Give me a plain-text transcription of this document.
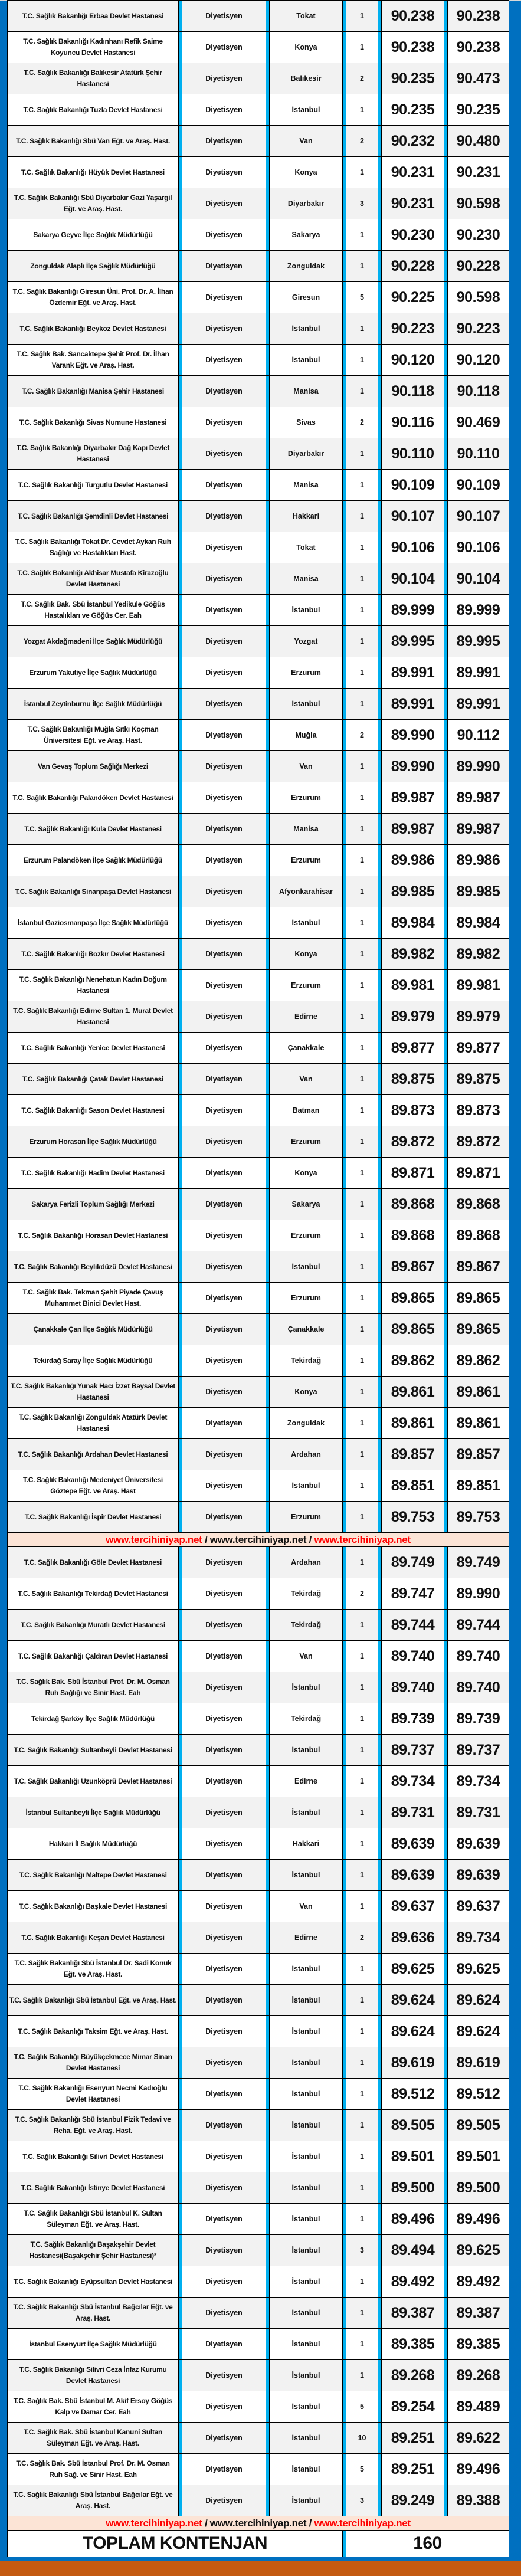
T.C. Sağlık Bakanlığı Erbaa Devlet Hastanesi		Diyetisyen		Tokat		1		90.238		90.238
T.C. Sağlık Bakanlığı Kadınhanı Refik Saime Koyuncu Devlet Hastanesi		Diyetisyen		Konya		1		90.238		90.238
T.C. Sağlık Bakanlığı Balıkesir Atatürk Şehir Hastanesi		Diyetisyen		Balıkesir		2		90.235		90.473
T.C. Sağlık Bakanlığı Tuzla Devlet Hastanesi		Diyetisyen		İstanbul		1		90.235		90.235
T.C. Sağlık Bakanlığı Sbü Van Eğt. ve Araş. Hast.		Diyetisyen		Van		2		90.232		90.480
T.C. Sağlık Bakanlığı Hüyük Devlet Hastanesi		Diyetisyen		Konya		1		90.231		90.231
T.C. Sağlık Bakanlığı Sbü Diyarbakır Gazi Yaşargil Eğt. ve Araş. Hast.		Diyetisyen		Diyarbakır		3		90.231		90.598
Sakarya Geyve İlçe Sağlık Müdürlüğü		Diyetisyen		Sakarya		1		90.230		90.230
Zonguldak Alaplı İlçe Sağlık Müdürlüğü		Diyetisyen		Zonguldak		1		90.228		90.228
T.C. Sağlık Bakanlığı Giresun Üni. Prof. Dr. A. İlhan Özdemir Eğt. ve Araş. Hast.		Diyetisyen		Giresun		5		90.225		90.598
T.C. Sağlık Bakanlığı Beykoz Devlet Hastanesi		Diyetisyen		İstanbul		1		90.223		90.223
T.C. Sağlık Bak. Sancaktepe Şehit Prof. Dr. İlhan Varank Eğt. ve Araş. Hast.		Diyetisyen		İstanbul		1		90.120		90.120
T.C. Sağlık Bakanlığı Manisa Şehir Hastanesi		Diyetisyen		Manisa		1		90.118		90.118
T.C. Sağlık Bakanlığı Sivas Numune Hastanesi		Diyetisyen		Sivas		2		90.116		90.469
T.C. Sağlık Bakanlığı Diyarbakır Dağ Kapı Devlet Hastanesi		Diyetisyen		Diyarbakır		1		90.110		90.110
T.C. Sağlık Bakanlığı Turgutlu Devlet Hastanesi		Diyetisyen		Manisa		1		90.109		90.109
T.C. Sağlık Bakanlığı Şemdinli Devlet Hastanesi		Diyetisyen		Hakkari		1		90.107		90.107
T.C. Sağlık Bakanlığı Tokat Dr. Cevdet Aykan Ruh Sağlığı ve Hastalıkları Hast.		Diyetisyen		Tokat		1		90.106		90.106
T.C. Sağlık Bakanlığı Akhisar Mustafa Kirazoğlu Devlet Hastanesi		Diyetisyen		Manisa		1		90.104		90.104
T.C. Sağlık Bak. Sbü İstanbul Yedikule Göğüs Hastalıkları ve Göğüs Cer. Eah		Diyetisyen		İstanbul		1		89.999		89.999
Yozgat Akdağmadeni İlçe Sağlık Müdürlüğü		Diyetisyen		Yozgat		1		89.995		89.995
Erzurum Yakutiye İlçe Sağlık Müdürlüğü		Diyetisyen		Erzurum		1		89.991		89.991
İstanbul Zeytinburnu İlçe Sağlık Müdürlüğü		Diyetisyen		İstanbul		1		89.991		89.991
T.C. Sağlık Bakanlığı Muğla Sıtkı Koçman Üniversitesi Eğt. ve Araş. Hast.		Diyetisyen		Muğla		2		89.990		90.112
Van Gevaş Toplum Sağlığı Merkezi		Diyetisyen		Van		1		89.990		89.990
T.C. Sağlık Bakanlığı Palandöken Devlet Hastanesi		Diyetisyen		Erzurum		1		89.987		89.987
T.C. Sağlık Bakanlığı Kula Devlet Hastanesi		Diyetisyen		Manisa		1		89.987		89.987
Erzurum Palandöken İlçe Sağlık Müdürlüğü		Diyetisyen		Erzurum		1		89.986		89.986
T.C. Sağlık Bakanlığı Sinanpaşa Devlet Hastanesi		Diyetisyen		Afyonkarahisar		1		89.985		89.985
İstanbul Gaziosmanpaşa İlçe Sağlık Müdürlüğü		Diyetisyen		İstanbul		1		89.984		89.984
T.C. Sağlık Bakanlığı Bozkır Devlet Hastanesi		Diyetisyen		Konya		1		89.982		89.982
T.C. Sağlık Bakanlığı Nenehatun Kadın Doğum Hastanesi		Diyetisyen		Erzurum		1		89.981		89.981
T.C. Sağlık Bakanlığı Edirne Sultan 1. Murat Devlet Hastanesi		Diyetisyen		Edirne		1		89.979		89.979
T.C. Sağlık Bakanlığı Yenice Devlet Hastanesi		Diyetisyen		Çanakkale		1		89.877		89.877
T.C. Sağlık Bakanlığı Çatak Devlet Hastanesi		Diyetisyen		Van		1		89.875		89.875
T.C. Sağlık Bakanlığı Sason Devlet Hastanesi		Diyetisyen		Batman		1		89.873		89.873
Erzurum Horasan İlçe Sağlık Müdürlüğü		Diyetisyen		Erzurum		1		89.872		89.872
T.C. Sağlık Bakanlığı Hadim Devlet Hastanesi		Diyetisyen		Konya		1		89.871		89.871
Sakarya Ferizli Toplum Sağlığı Merkezi		Diyetisyen		Sakarya		1		89.868		89.868
T.C. Sağlık Bakanlığı Horasan Devlet Hastanesi		Diyetisyen		Erzurum		1		89.868		89.868
T.C. Sağlık Bakanlığı Beylikdüzü Devlet Hastanesi		Diyetisyen		İstanbul		1		89.867		89.867
T.C. Sağlık Bak. Tekman Şehit Piyade Çavuş Muhammet Binici Devlet Hast.		Diyetisyen		Erzurum		1		89.865		89.865
Çanakkale Çan İlçe Sağlık Müdürlüğü		Diyetisyen		Çanakkale		1		89.865		89.865
Tekirdağ Saray İlçe Sağlık Müdürlüğü		Diyetisyen		Tekirdağ		1		89.862		89.862
T.C. Sağlık Bakanlığı Yunak Hacı İzzet Baysal Devlet Hastanesi		Diyetisyen		Konya		1		89.861		89.861
T.C. Sağlık Bakanlığı Zonguldak Atatürk Devlet Hastanesi		Diyetisyen		Zonguldak		1		89.861		89.861
T.C. Sağlık Bakanlığı Ardahan Devlet Hastanesi		Diyetisyen		Ardahan		1		89.857		89.857
T.C. Sağlık Bakanlığı Medeniyet Üniversitesi Göztepe Eğt. ve Araş. Hast		Diyetisyen		İstanbul		1		89.851		89.851
T.C. Sağlık Bakanlığı İspir Devlet Hastanesi		Diyetisyen		Erzurum		1		89.753		89.753
www.tercihiniyap.net / www.tercihiniyap.net / www.tercihiniyap.net										
T.C. Sağlık Bakanlığı Göle Devlet Hastanesi		Diyetisyen		Ardahan		1		89.749		89.749
T.C. Sağlık Bakanlığı Tekirdağ Devlet Hastanesi		Diyetisyen		Tekirdağ		2		89.747		89.990
T.C. Sağlık Bakanlığı Muratlı Devlet Hastanesi		Diyetisyen		Tekirdağ		1		89.744		89.744
T.C. Sağlık Bakanlığı Çaldıran Devlet Hastanesi		Diyetisyen		Van		1		89.740		89.740
T.C. Sağlık Bak. Sbü İstanbul Prof. Dr. M. Osman Ruh Sağlığı ve Sinir Hast. Eah		Diyetisyen		İstanbul		1		89.740		89.740
Tekirdağ Şarköy İlçe Sağlık Müdürlüğü		Diyetisyen		Tekirdağ		1		89.739		89.739
T.C. Sağlık Bakanlığı Sultanbeyli Devlet Hastanesi		Diyetisyen		İstanbul		1		89.737		89.737
T.C. Sağlık Bakanlığı Uzunköprü Devlet Hastanesi		Diyetisyen		Edirne		1		89.734		89.734
İstanbul Sultanbeyli İlçe Sağlık Müdürlüğü		Diyetisyen		İstanbul		1		89.731		89.731
Hakkari İl Sağlık Müdürlüğü		Diyetisyen		Hakkari		1		89.639		89.639
T.C. Sağlık Bakanlığı Maltepe Devlet Hastanesi		Diyetisyen		İstanbul		1		89.639		89.639
T.C. Sağlık Bakanlığı Başkale Devlet Hastanesi		Diyetisyen		Van		1		89.637		89.637
T.C. Sağlık Bakanlığı Keşan Devlet Hastanesi		Diyetisyen		Edirne		2		89.636		89.734
T.C. Sağlık Bakanlığı Sbü İstanbul Dr. Sadi Konuk Eğt. ve Araş. Hast.		Diyetisyen		İstanbul		1		89.625		89.625
T.C. Sağlık Bakanlığı Sbü İstanbul Eğt. ve Araş. Hast.		Diyetisyen		İstanbul		1		89.624		89.624
T.C. Sağlık Bakanlığı Taksim Eğt. ve Araş. Hast.		Diyetisyen		İstanbul		1		89.624		89.624
T.C. Sağlık Bakanlığı Büyükçekmece Mimar Sinan Devlet Hastanesi		Diyetisyen		İstanbul		1		89.619		89.619
T.C. Sağlık Bakanlığı Esenyurt Necmi Kadıoğlu Devlet Hastanesi		Diyetisyen		İstanbul		1		89.512		89.512
T.C. Sağlık Bakanlığı Sbü İstanbul Fizik Tedavi ve Reha. Eğt. ve Araş. Hast.		Diyetisyen		İstanbul		1		89.505		89.505
T.C. Sağlık Bakanlığı Silivri Devlet Hastanesi		Diyetisyen		İstanbul		1		89.501		89.501
T.C. Sağlık Bakanlığı İstinye Devlet Hastanesi		Diyetisyen		İstanbul		1		89.500		89.500
T.C. Sağlık Bakanlığı Sbü İstanbul K. Sultan Süleyman Eğt. ve Araş. Hast.		Diyetisyen		İstanbul		1		89.496		89.496
T.C. Sağlık Bakanlığı Başakşehir Devlet Hastanesi(Başakşehir Şehir Hastanesi)*		Diyetisyen		İstanbul		3		89.494		89.625
T.C. Sağlık Bakanlığı Eyüpsultan Devlet Hastanesi		Diyetisyen		İstanbul		1		89.492		89.492
T.C. Sağlık Bakanlığı Sbü İstanbul Bağcılar Eğt. ve Araş. Hast.		Diyetisyen		İstanbul		1		89.387		89.387
İstanbul Esenyurt İlçe Sağlık Müdürlüğü		Diyetisyen		İstanbul		1		89.385		89.385
T.C. Sağlık Bakanlığı Silivri Ceza İnfaz Kurumu Devlet Hastanesi		Diyetisyen		İstanbul		1		89.268		89.268
T.C. Sağlık Bak. Sbü İstanbul M. Akif Ersoy Göğüs Kalp ve Damar Cer. Eah		Diyetisyen		İstanbul		5		89.254		89.489
T.C. Sağlık Bak. Sbü İstanbul Kanuni Sultan Süleyman Eğt. ve Araş. Hast.		Diyetisyen		İstanbul		10		89.251		89.622
T.C. Sağlık Bak. Sbü İstanbul Prof. Dr. M. Osman Ruh Sağ. ve Sinir Hast. Eah		Diyetisyen		İstanbul		5		89.251		89.496
T.C. Sağlık Bakanlığı Sbü İstanbul Bağcılar Eğt. ve Araş. Hast.		Diyetisyen		İstanbul		3		89.249		89.388
www.tercihiniyap.net / www.tercihiniyap.net / www.tercihiniyap.net										
TOPLAM KONTENJAN						160				
